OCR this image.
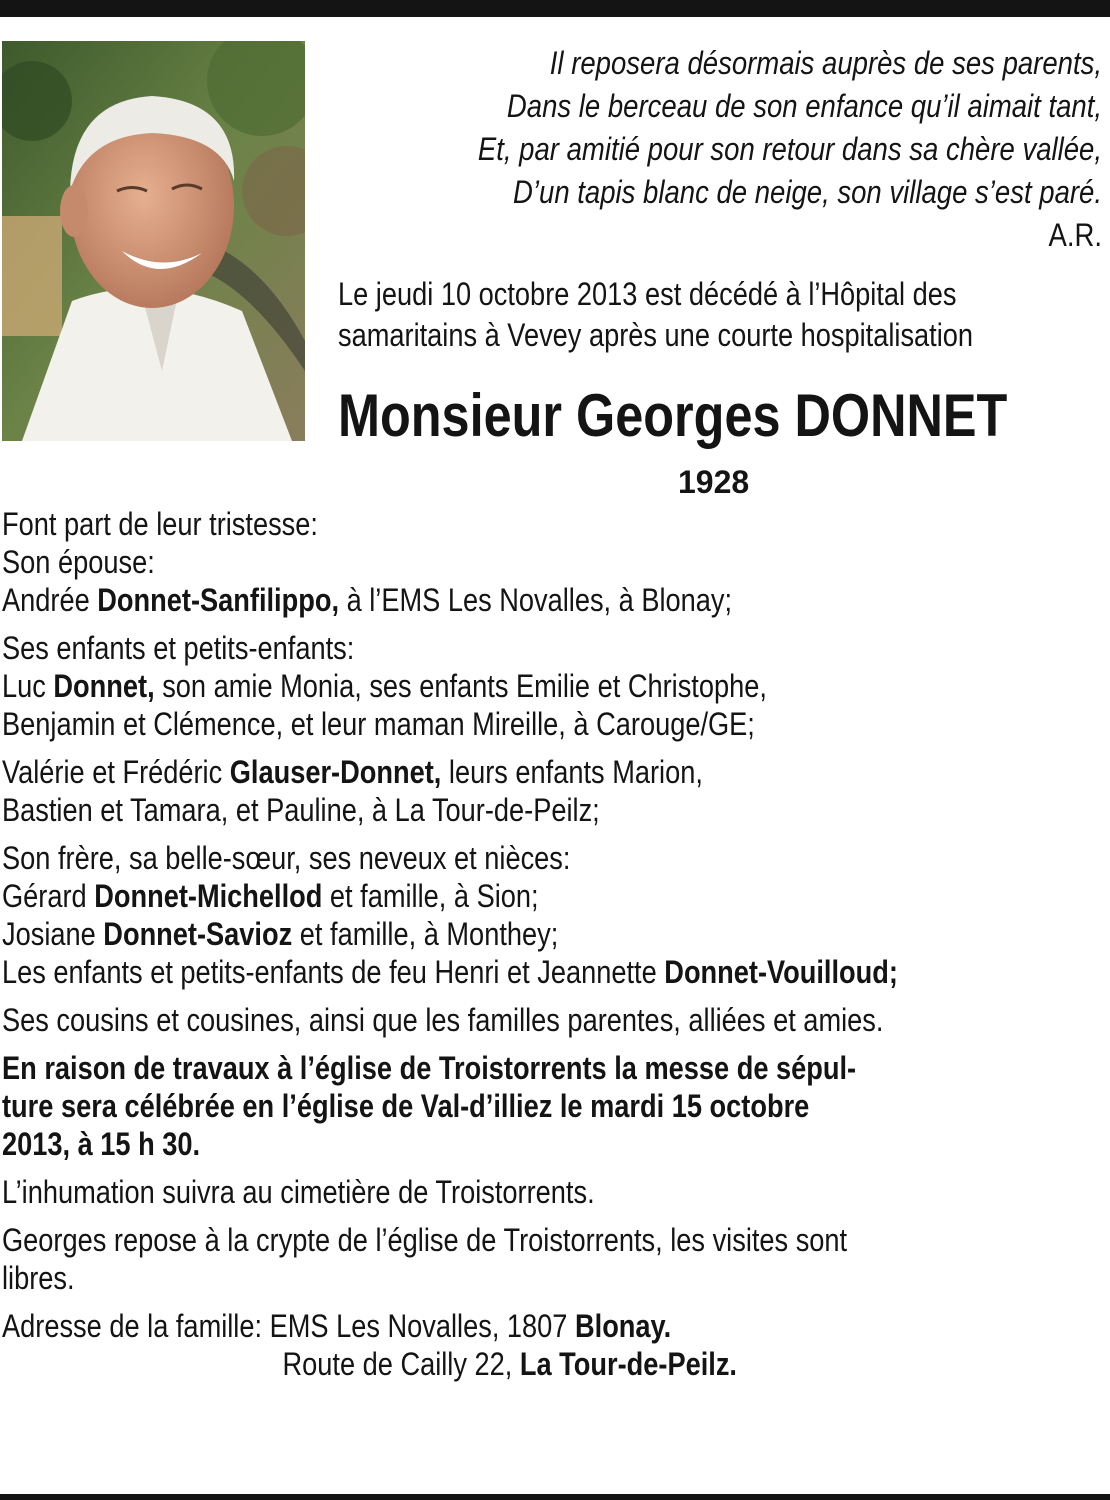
Il reposera désormais auprès de ses parents,
Dans le berceau de son enfance qu’il aimait tant,
Et, par amitié pour son retour dans sa chère vallée,
D’un tapis blanc de neige, son village s’est paré.
A.R.
Le jeudi 10 octobre 2013 est décédé à l’Hôpital des
samaritains à Vevey après une courte hospitalisation
Monsieur Georges DONNET
1928
Font part de leur tristesse:
Son épouse:
Andrée Donnet-Sanfilippo, à l’EMS Les Novalles, à Blonay;
Ses enfants et petits-enfants:
Luc Donnet, son amie Monia, ses enfants Emilie et Christophe,
Benjamin et Clémence, et leur maman Mireille, à Carouge/GE;
Valérie et Frédéric Glauser-Donnet, leurs enfants Marion,
Bastien et Tamara, et Pauline, à La Tour-de-Peilz;
Son frère, sa belle-sœur, ses neveux et nièces:
Gérard Donnet-Michellod et famille, à Sion;
Josiane Donnet-Savioz et famille, à Monthey;
Les enfants et petits-enfants de feu Henri et Jeannette Donnet-Vouilloud;
Ses cousins et cousines, ainsi que les familles parentes, alliées et amies.
En raison de travaux à l’église de Troistorrents la messe de sépul-
ture sera célébrée en l’église de Val-d’illiez le mardi 15 octobre
2013, à 15 h 30.
L’inhumation suivra au cimetière de Troistorrents.
Georges repose à la crypte de l’église de Troistorrents, les visites sont
libres.
Adresse de la famille: EMS Les Novalles, 1807 Blonay.
Route de Cailly 22, La Tour-de-Peilz.
